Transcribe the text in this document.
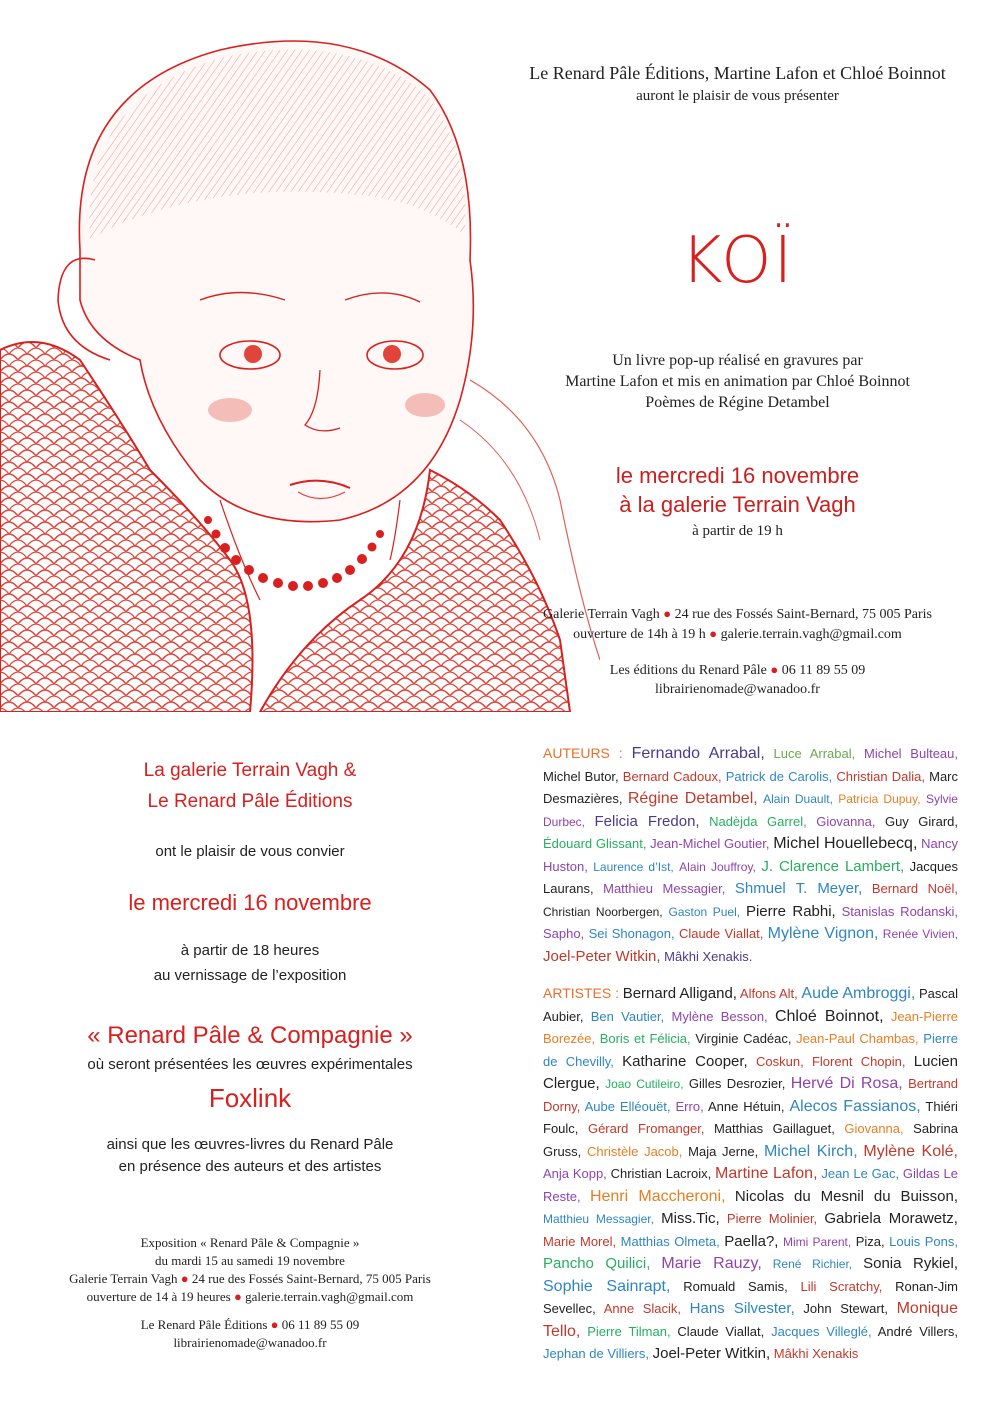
Le Renard Pâle Éditions, Martine Lafon et Chloé Boinnot

auront le plaisir de vous présenter

KOÏ

Un livre pop-up réalisé en gravures par
Martine Lafon et mis en animation par Chloé Boinnot
Poèmes de Régine Detambel
le mercredi 16 novembre
à la galerie Terrain Vagh

à partir de 19 h

Galerie Terrain Vagh ● 24 rue des Fossés Saint-Bernard, 75 005 Paris
ouverture de 14h à 19 h ● galerie.terrain.vagh@gmail.com
Les éditions du Renard Pâle ● 06 11 89 55 09
librairienomade@wanadoo.fr
La galerie Terrain Vagh &
Le Renard Pâle Éditions

ont le plaisir de vous convier

le mercredi 16 novembre

à partir de 18 heures
au vernissage de l’exposition

« Renard Pâle & Compagnie »

où seront présentées les œuvres expérimentales

Foxlink

ainsi que les œuvres-livres du Renard Pâle
en présence des auteurs et des artistes
Exposition « Renard Pâle & Compagnie »
du mardi 15 au samedi 19 novembre
Galerie Terrain Vagh ● 24 rue des Fossés Saint-Bernard, 75 005 Paris
ouverture de 14 à 19 heures ● galerie.terrain.vagh@gmail.com
Le Renard Pâle Éditions ● 06 11 89 55 09
librairienomade@wanadoo.fr

AUTEURS : Fernando Arrabal, Luce Arrabal, Michel Bulteau, Michel Butor, Bernard Cadoux, Patrick de Carolis, Christian Dalia, Marc Desmazières, Régine Detambel, Alain Duault, Patricia Dupuy, Sylvie Durbec, Felicia Fredon, Nadèjda Garrel, Giovanna, Guy Girard, Édouard Glissant, Jean-Michel Goutier, Michel Houellebecq, Nancy Huston, Laurence d’Ist, Alain Jouffroy, J. Clarence Lambert, Jacques Laurans, Matthieu Messagier, Shmuel T. Meyer, Bernard Noël, Christian Noorbergen, Gaston Puel, Pierre Rabhi, Stanislas Rodanski, Sapho, Sei Shonagon, Claude Viallat, Mylène Vignon, Renée Vivien, Joel-Peter Witkin, Mâkhi Xenakis.

ARTISTES : Bernard Alligand, Alfons Alt, Aude Ambroggi, Pascal Aubier, Ben Vautier, Mylène Besson, Chloé Boinnot, Jean-Pierre Borezée, Boris et Félicia, Virginie Cadéac, Jean-Paul Chambas, Pierre de Chevilly, Katharine Cooper, Coskun, Florent Chopin, Lucien Clergue, Joao Cutileiro, Gilles Desrozier, Hervé Di Rosa, Bertrand Dorny, Aube Elléouët, Erro, Anne Hétuin, Alecos Fassianos, Thiéri Foulc, Gérard Fromanger, Matthias Gaillaguet, Giovanna, Sabrina Gruss, Christèle Jacob, Maja Jerne, Michel Kirch, Mylène Kolé, Anja Kopp, Christian Lacroix, Martine Lafon, Jean Le Gac, Gildas Le Reste, Henri Maccheroni, Nicolas du Mesnil du Buisson, Matthieu Messagier, Miss.Tic, Pierre Molinier, Gabriela Morawetz, Marie Morel, Matthias Olmeta, Paella?, Mimi Parent, Piza, Louis Pons, Pancho Quilici, Marie Rauzy, René Richier, Sonia Rykiel, Sophie Sainrapt, Romuald Samis, Lili Scratchy, Ronan-Jim Sevellec, Anne Slacik, Hans Silvester, John Stewart, Monique Tello, Pierre Tilman, Claude Viallat, Jacques Villeglé, André Villers, Jephan de Villiers, Joel-Peter Witkin, Mâkhi Xenakis
